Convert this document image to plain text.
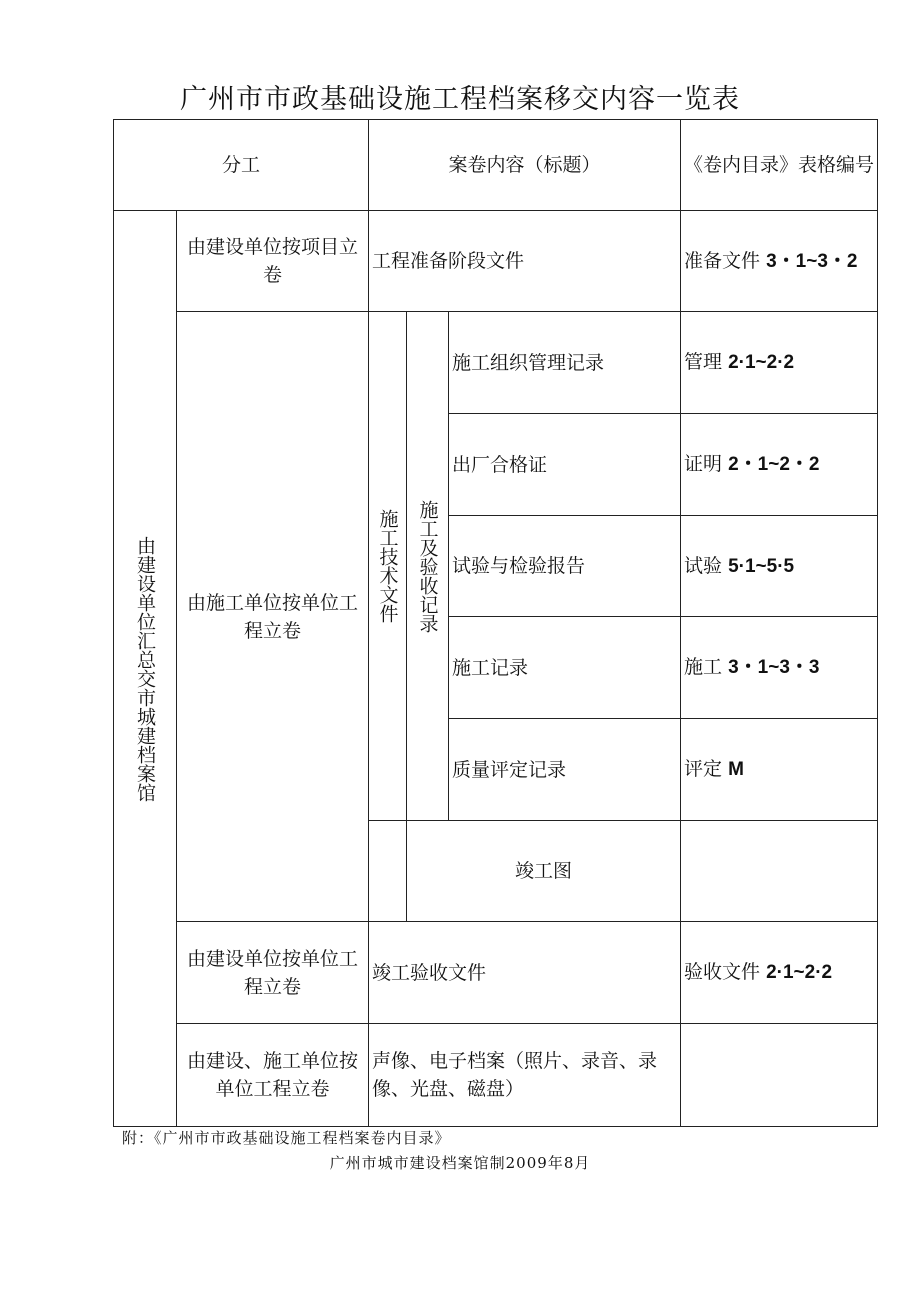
广州市市政基础设施工程档案移交内容一览表
分工		案卷内容（标题）			《卷内目录》表格编号

由建设单位汇总交市城建档案馆	由建设单位按项目立卷	工程准备阶段文件			准备文件 3・1~3・2
	由施工单位按单位工程立卷	施工技术文件	施工及验收记录	施工组织管理记录	管理 2·1~2·2
				出厂合格证	证明 2・1~2・2
				试验与检验报告	试验 5·1~5·5
				施工记录	施工 3・1~3・3
				质量评定记录	评定 M
			竣工图		
	由建设单位按单位工程立卷	竣工验收文件			验收文件 2·1~2·2
	由建设、施工单位按单位工程立卷	声像、电子档案（照片、录音、录像、光盘、磁盘）			
附：《广州市市政基础设施工程档案卷内目录》
广州市城市建设档案馆制2009年8月
